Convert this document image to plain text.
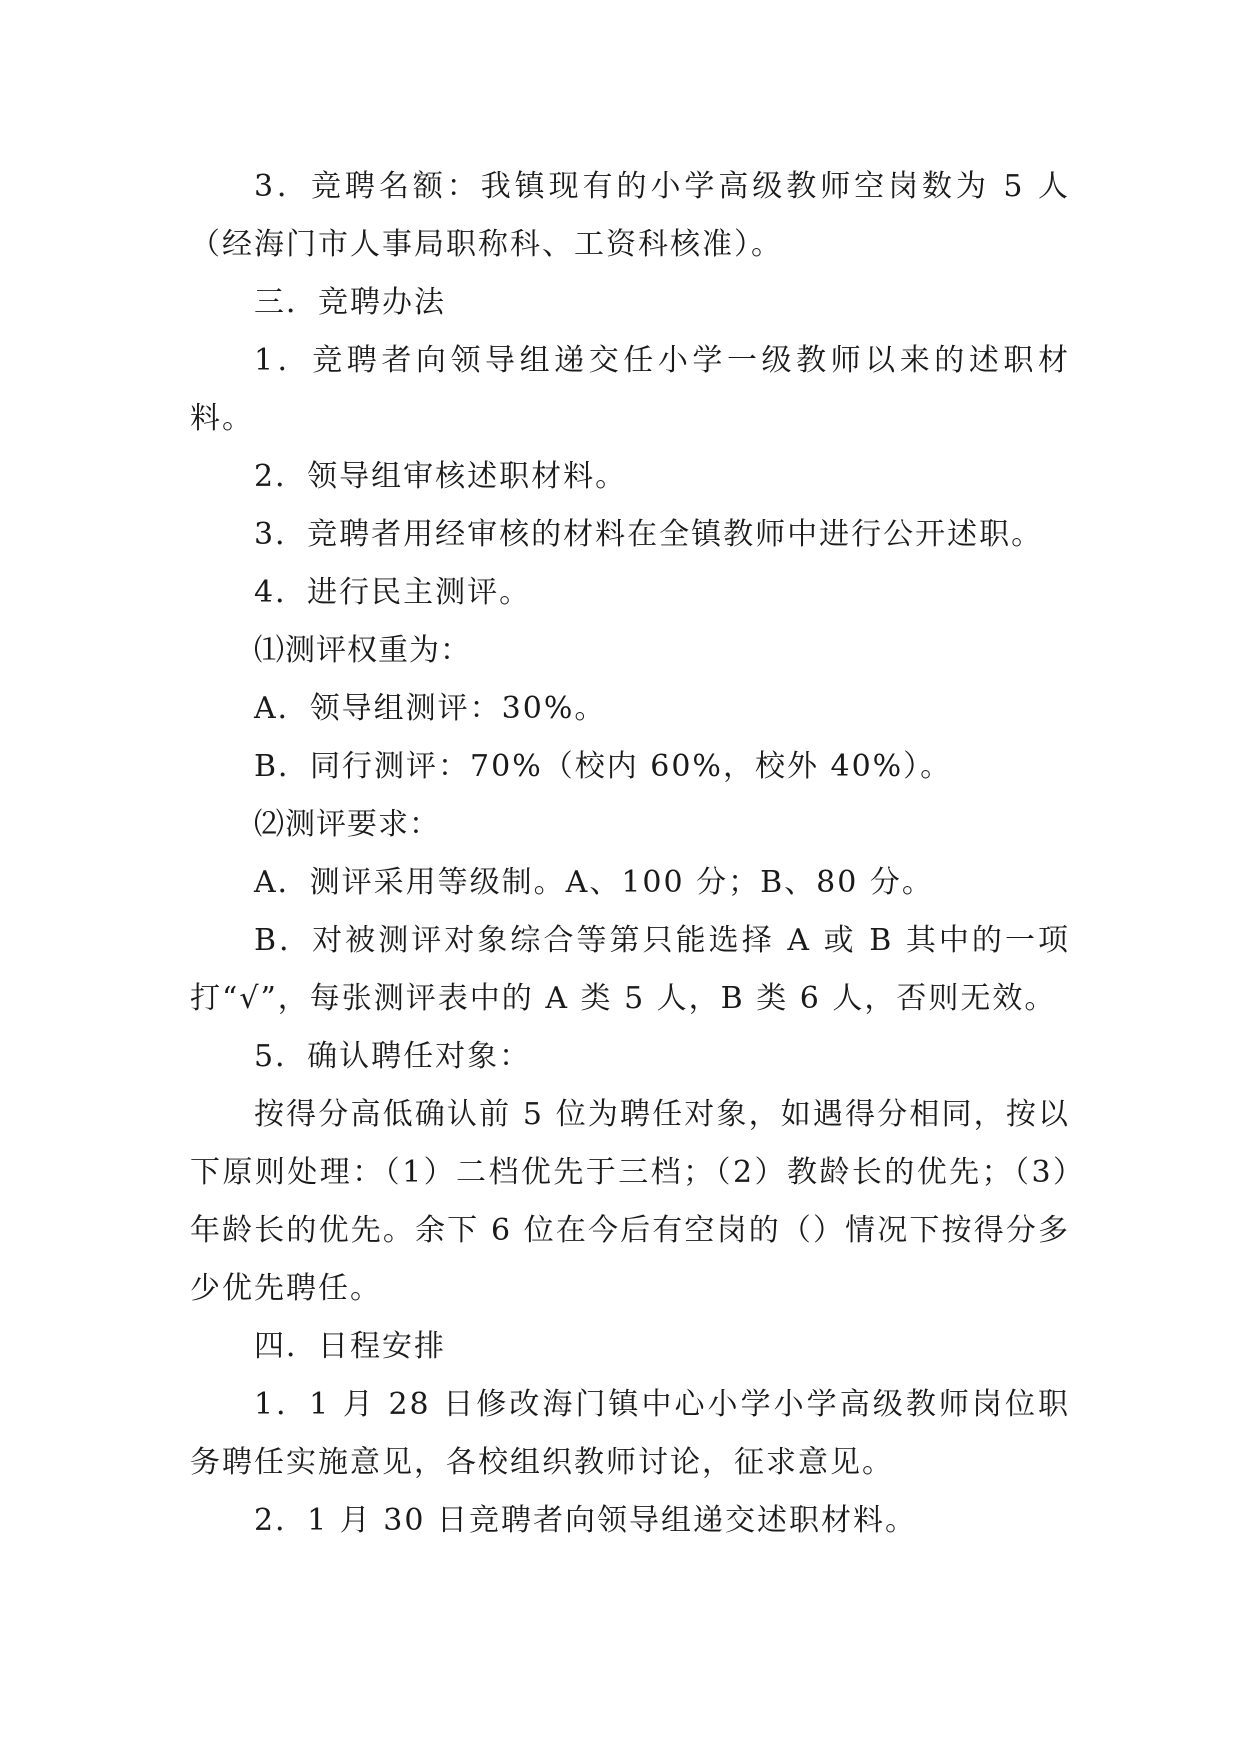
3．竞聘名额：我镇现有的小学高级教师空岗数为 5 人（经海门市人事局职称科、工资科核准）。

三．竞聘办法

1．竞聘者向领导组递交任小学一级教师以来的述职材料。

2．领导组审核述职材料。

3．竞聘者用经审核的材料在全镇教师中进行公开述职。

4．进行民主测评。

⑴测评权重为：

A．领导组测评：30%。

B．同行测评：70%（校内 60%，校外 40%）。

⑵测评要求：

A．测评采用等级制。A、100 分；B、80 分。

B．对被测评对象综合等第只能选择 A 或 B 其中的一项打“√”，每张测评表中的 A 类 5 人，B 类 6 人，否则无效。

5．确认聘任对象：

按得分高低确认前 5 位为聘任对象，如遇得分相同，按以下原则处理：（1）二档优先于三档；（2）教龄长的优先；（3）年龄长的优先。余下 6 位在今后有空岗的（）情况下按得分多少优先聘任。

四．日程安排

1．1 月 28 日修改海门镇中心小学小学高级教师岗位职务聘任实施意见，各校组织教师讨论，征求意见。

2．1 月 30 日竞聘者向领导组递交述职材料。
